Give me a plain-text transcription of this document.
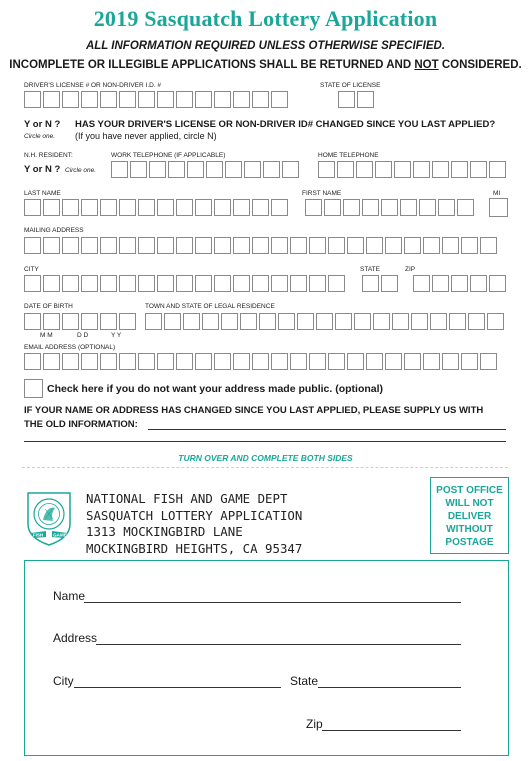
2019 Sasquatch Lottery Application
ALL INFORMATION REQUIRED UNLESS OTHERWISE SPECIFIED.
INCOMPLETE OR ILLEGIBLE APPLICATIONS SHALL BE RETURNED AND NOT CONSIDERED.
DRIVER'S LICENSE # OR NON-DRIVER I.D. #	STATE OF LICENSE
Y or N ?
Circle one.
HAS YOUR DRIVER'S LICENSE OR NON-DRIVER ID# CHANGED SINCE YOU LAST APPLIED?
(If you have never applied, circle N)
N.H. RESIDENT:
Y or N ? Circle one.
WORK TELEPHONE (IF APPLICABLE)	HOME TELEPHONE
LAST NAME	FIRST NAME	MI
MAILING ADDRESS
CITY	STATE	ZIP
DATE OF BIRTH	TOWN AND STATE OF LEGAL RESIDENCE
M M	D D	Y Y
EMAIL ADDRESS (OPTIONAL)
Check here if you do not want your address made public. (optional)
IF YOUR NAME OR ADDRESS HAS CHANGED SINCE YOU LAST APPLIED, PLEASE SUPPLY US WITH
THE OLD INFORMATION:
TURN OVER AND COMPLETE BOTH SIDES
FISH GAME
NATIONAL FISH AND GAME DEPT
SASQUATCH LOTTERY APPLICATION
1313 MOCKINGBIRD LANE
MOCKINGBIRD HEIGHTS, CA 95347
POST OFFICE
WILL NOT
DELIVER
WITHOUT
POSTAGE
Name
Address
City	State
Zip
